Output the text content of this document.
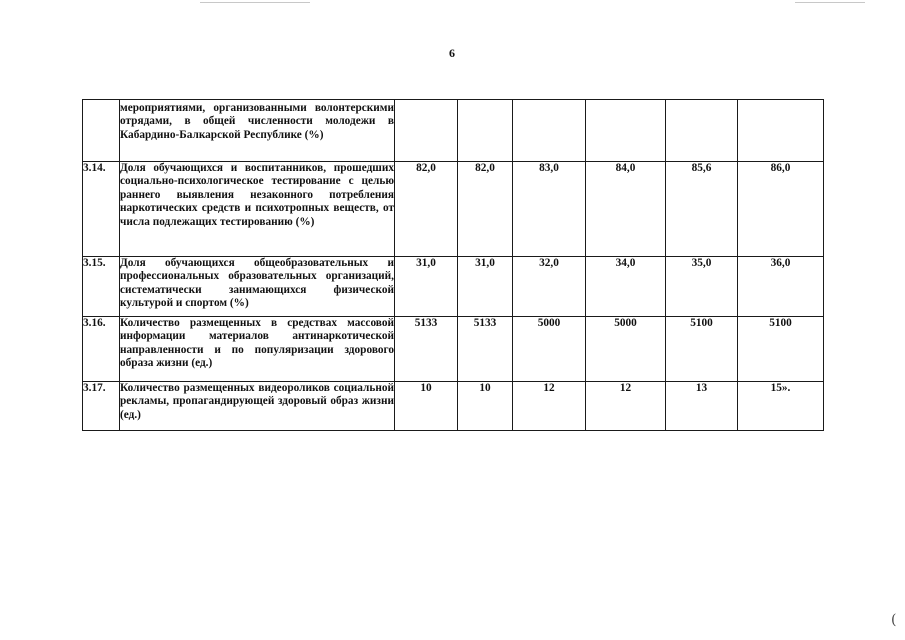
6
	мероприятиями, организованными волонтерскими отрядами, в общей численности молодежи в Кабардино-Балкарской Республике (%)						
3.14.	Доля обучающихся и воспитанников, прошедших социально-психологическое тестирование с целью раннего выявления незаконного потребления наркотических средств и психотропных веществ, от числа подлежащих тестированию (%)	82,0	82,0	83,0	84,0	85,6	86,0
3.15.	Доля обучающихся общеобразовательных и профессиональных образовательных организаций, систематически занимающихся физической культурой и спортом (%)	31,0	31,0	32,0	34,0	35,0	36,0
3.16.	Количество размещенных в средствах массовой информации материалов антинаркотической направленности и по популяризации здорового образа жизни (ед.)	5133	5133	5000	5000	5100	5100
3.17.	Количество размещенных видеороликов социальной рекламы, пропагандирующей здоровый образ жизни (ед.)	10	10	12	12	13	15».
(
